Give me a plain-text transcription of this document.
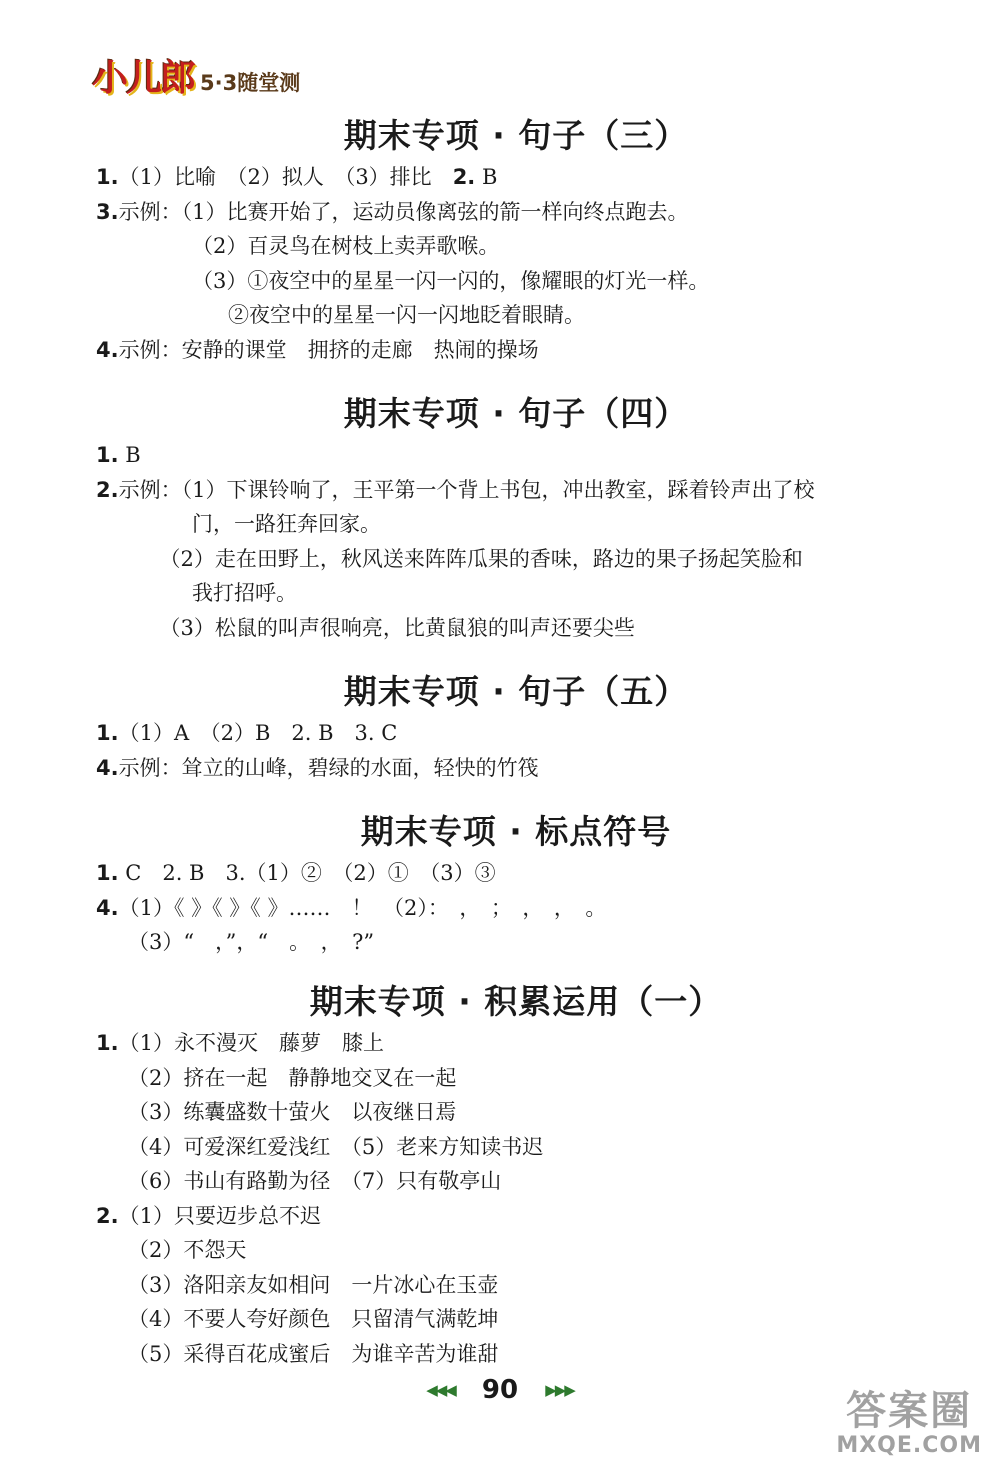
小儿郎 5·3随堂测
期末专项 · 句子（三）
1.（1）比喻　（2）拟人　（3）排比　2. B
3.示例：（1）比赛开始了，运动员像离弦的箭一样向终点跑去。
（2）百灵鸟在树枝上卖弄歌喉。
（3）①夜空中的星星一闪一闪的，像耀眼的灯光一样。
②夜空中的星星一闪一闪地眨着眼睛。
4.示例：安静的课堂　拥挤的走廊　热闹的操场
期末专项 · 句子（四）
1. B
2.示例：（1）下课铃响了，王平第一个背上书包，冲出教室，踩着铃声出了校
门，一路狂奔回家。
　　（2）走在田野上，秋风送来阵阵瓜果的香味，路边的果子扬起笑脸和
我打招呼。
　　（3）松鼠的叫声很响亮，比黄鼠狼的叫声还要尖些
期末专项 · 句子（五）
1.（1）A　（2）B　2. B　3. C
4.示例：耸立的山峰，碧绿的水面，轻快的竹筏
期末专项 · 标点符号
1. C　2. B　3.（1）②　（2）①　（3）③
4.（1）《 》《 》《 》……　！　（2）：　，　；　，　，　。
（3）“　，”，“　。　，　?”
期末专项 · 积累运用（一）
1.（1）永不漫灭　藤萝　膝上
（2）挤在一起　静静地交叉在一起
（3）练囊盛数十萤火　以夜继日焉
（4）可爱深红爱浅红　（5）老来方知读书迟
（6）书山有路勤为径　（7）只有敬亭山
2.（1）只要迈步总不迟
（2）不怨天
（3）洛阳亲友如相问　一片冰心在玉壶
（4）不要人夸好颜色　只留清气满乾坤
（5）采得百花成蜜后　为谁辛苦为谁甜
◀◀◀ 90 ▶▶▶	答案圈
MXQE.COM
